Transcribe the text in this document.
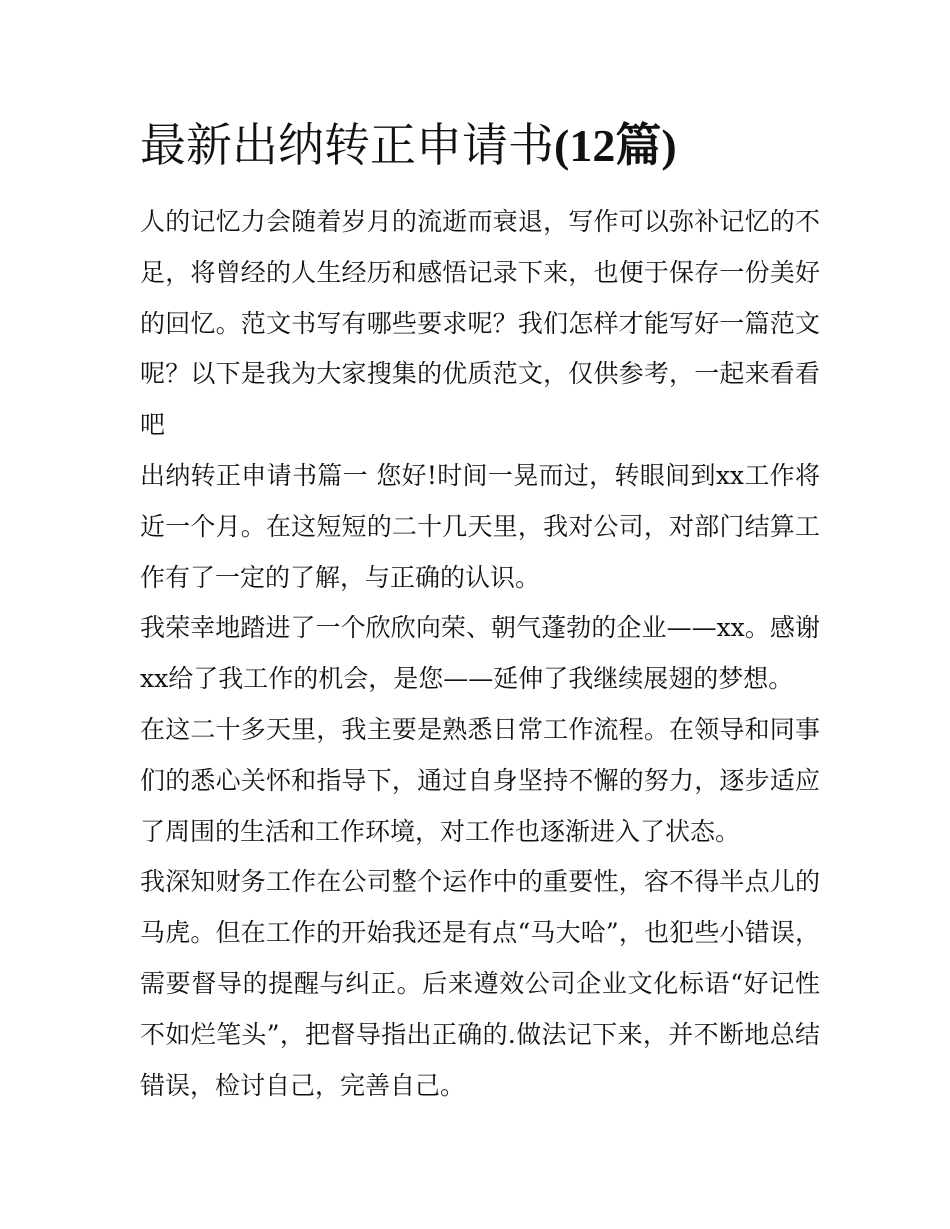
最新出纳转正申请书(12篇)

人的记忆力会随着岁月的流逝而衰退，写作可以弥补记忆的不足，将曾经的人生经历和感悟记录下来，也便于保存一份美好的回忆。范文书写有哪些要求呢？我们怎样才能写好一篇范文呢？以下是我为大家搜集的优质范文，仅供参考，一起来看看吧

出纳转正申请书篇一 您好!时间一晃而过，转眼间到xx工作将近一个月。在这短短的二十几天里，我对公司，对部门结算工作有了一定的了解，与正确的认识。

我荣幸地踏进了一个欣欣向荣、朝气蓬勃的企业——xx。感谢xx给了我工作的机会，是您——延伸了我继续展翅的梦想。

在这二十多天里，我主要是熟悉日常工作流程。在领导和同事们的悉心关怀和指导下，通过自身坚持不懈的努力，逐步适应了周围的生活和工作环境，对工作也逐渐进入了状态。

我深知财务工作在公司整个运作中的重要性，容不得半点儿的马虎。但在工作的开始我还是有点“马大哈”，也犯些小错误，需要督导的提醒与纠正。后来遵效公司企业文化标语“好记性不如烂笔头”，把督导指出正确的.做法记下来，并不断地总结错误，检讨自己，完善自己。
